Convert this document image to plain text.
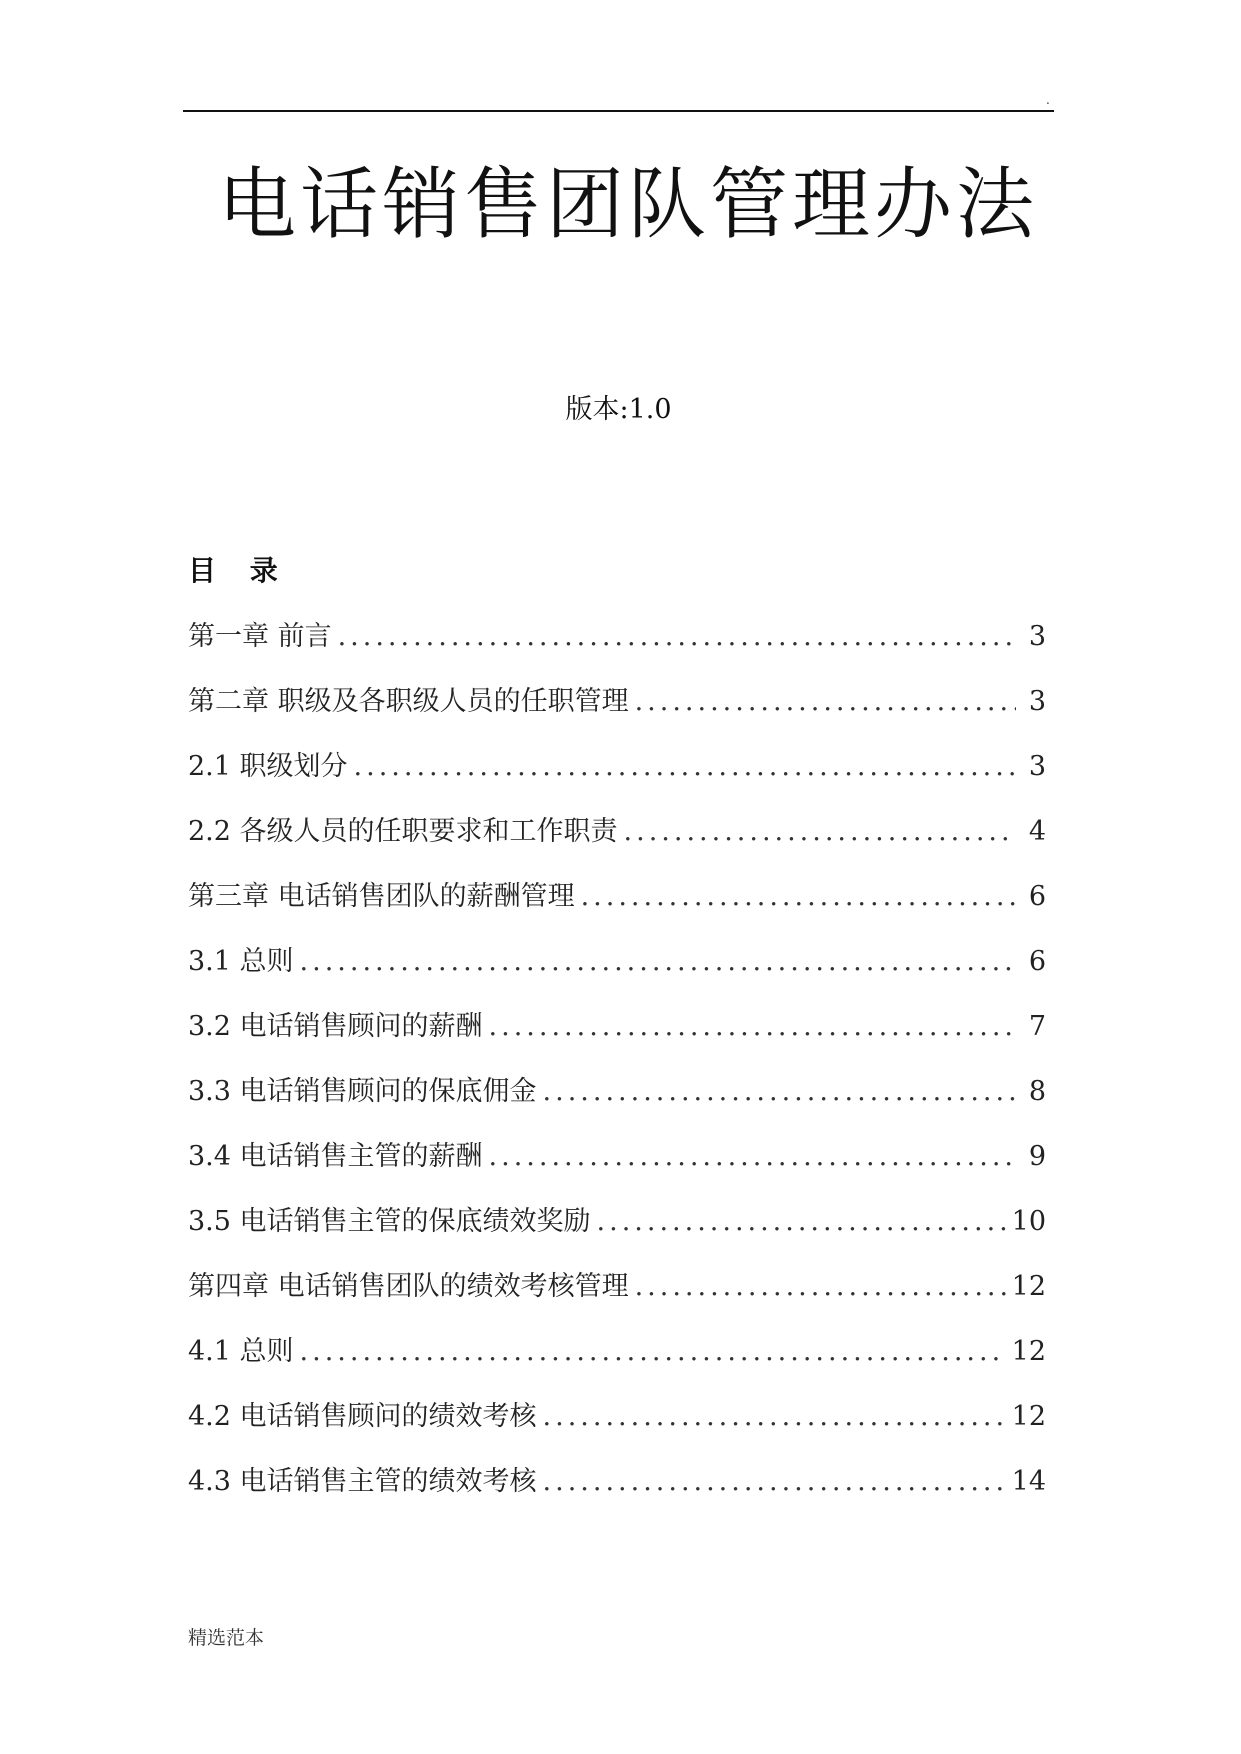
.
电话销售团队管理办法
版本:1.0
目 录
第一章 前言 .....	3
第二章 职级及各职级人员的任职管理 .....	3
2.1 职级划分 .....	3
2.2 各级人员的任职要求和工作职责 .....	4
第三章 电话销售团队的薪酬管理 .....	6
3.1 总则 .....	6
3.2 电话销售顾问的薪酬 .....	7
3.3 电话销售顾问的保底佣金 .....	8
3.4 电话销售主管的薪酬 .....	9
3.5 电话销售主管的保底绩效奖励 .....	10
第四章 电话销售团队的绩效考核管理 .....	12
4.1 总则 .....	12
4.2 电话销售顾问的绩效考核 .....	12
4.3 电话销售主管的绩效考核 .....	14
精选范本
